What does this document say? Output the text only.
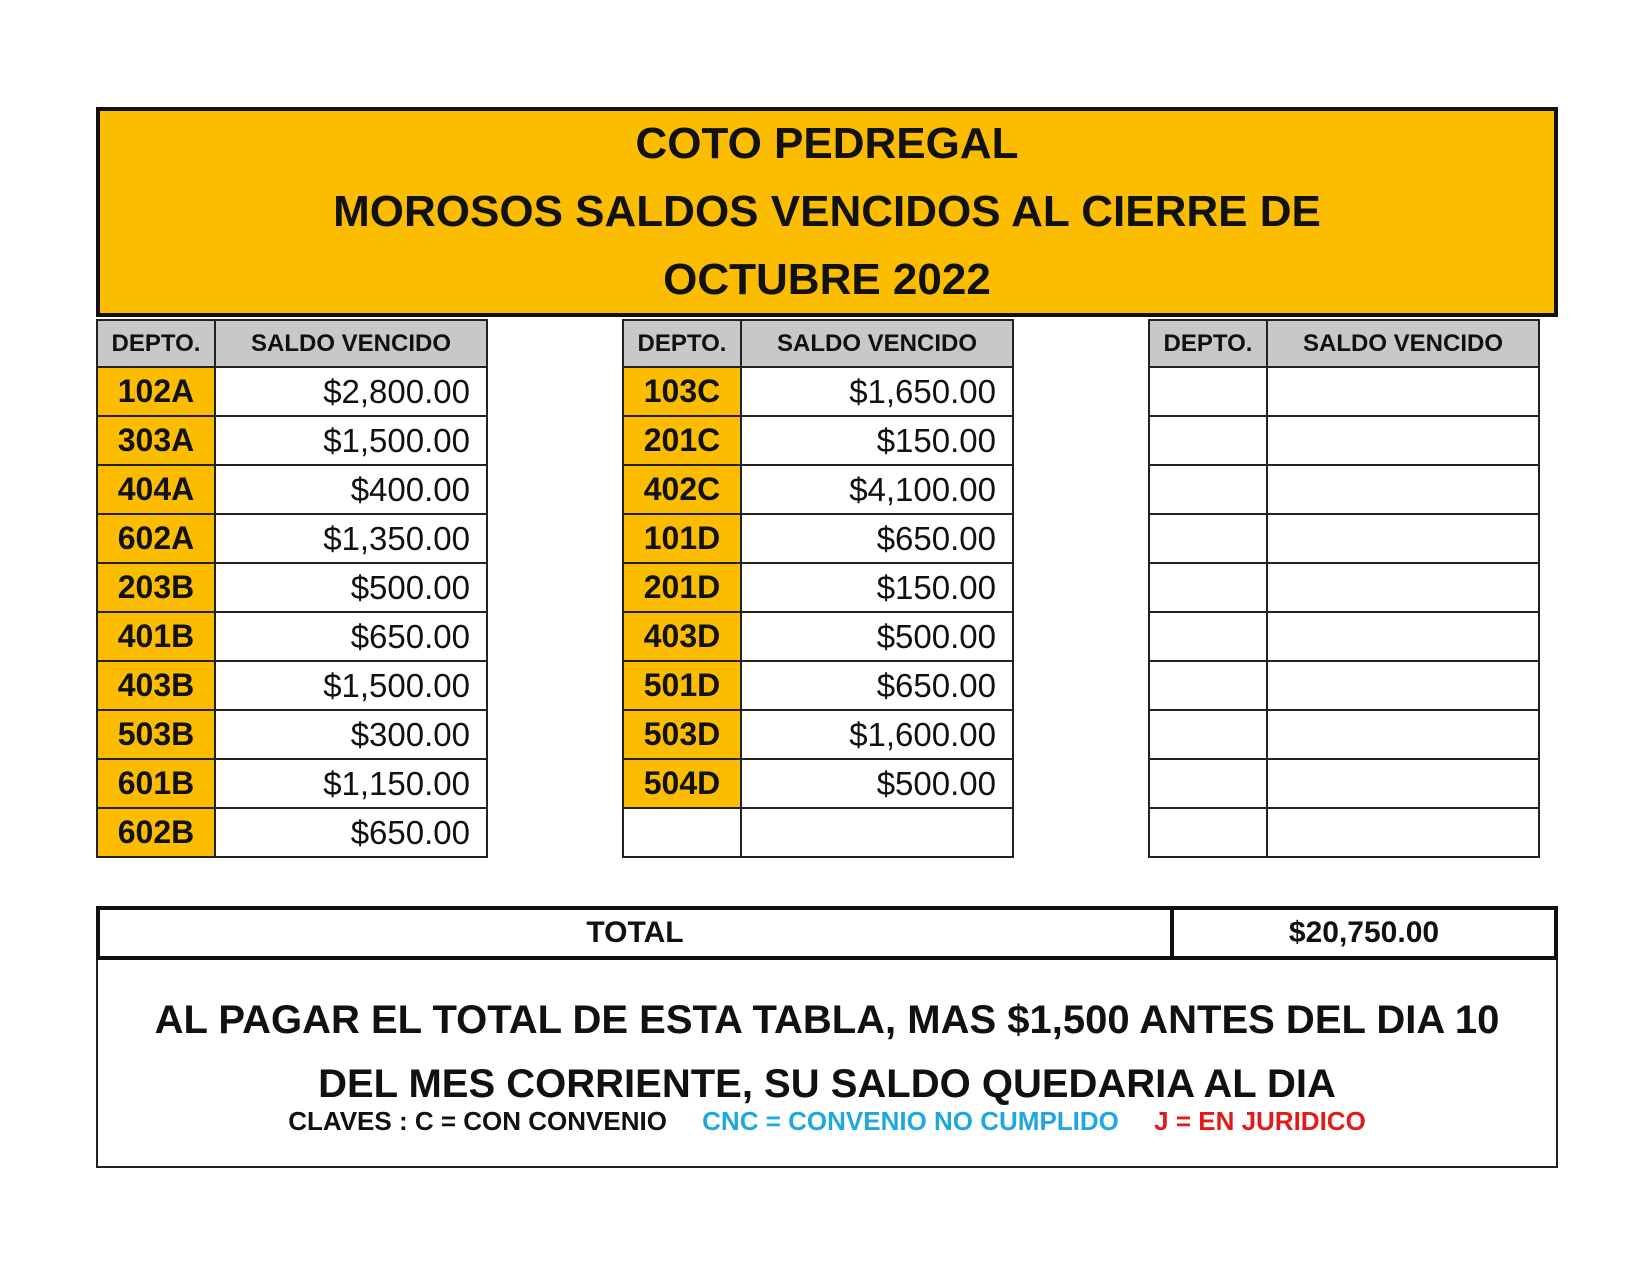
COTO PEDREGAL
MOROSOS SALDOS VENCIDOS AL CIERRE DE
OCTUBRE 2022
DEPTO.	SALDO VENCIDO
102A	$2,800.00
303A	$1,500.00
404A	$400.00
602A	$1,350.00
203B	$500.00
401B	$650.00
403B	$1,500.00
503B	$300.00
601B	$1,150.00
602B	$650.00
DEPTO.	SALDO VENCIDO
103C	$1,650.00
201C	$150.00
402C	$4,100.00
101D	$650.00
201D	$150.00
403D	$500.00
501D	$650.00
503D	$1,600.00
504D	$500.00

DEPTO.	SALDO VENCIDO

TOTAL	$20,750.00
AL PAGAR EL TOTAL DE ESTA TABLA, MAS $1,500 ANTES DEL DIA 10
DEL MES CORRIENTE, SU SALDO QUEDARIA AL DIA
CLAVES : C = CON CONVENIO CNC = CONVENIO NO CUMPLIDO J = EN JURIDICO
